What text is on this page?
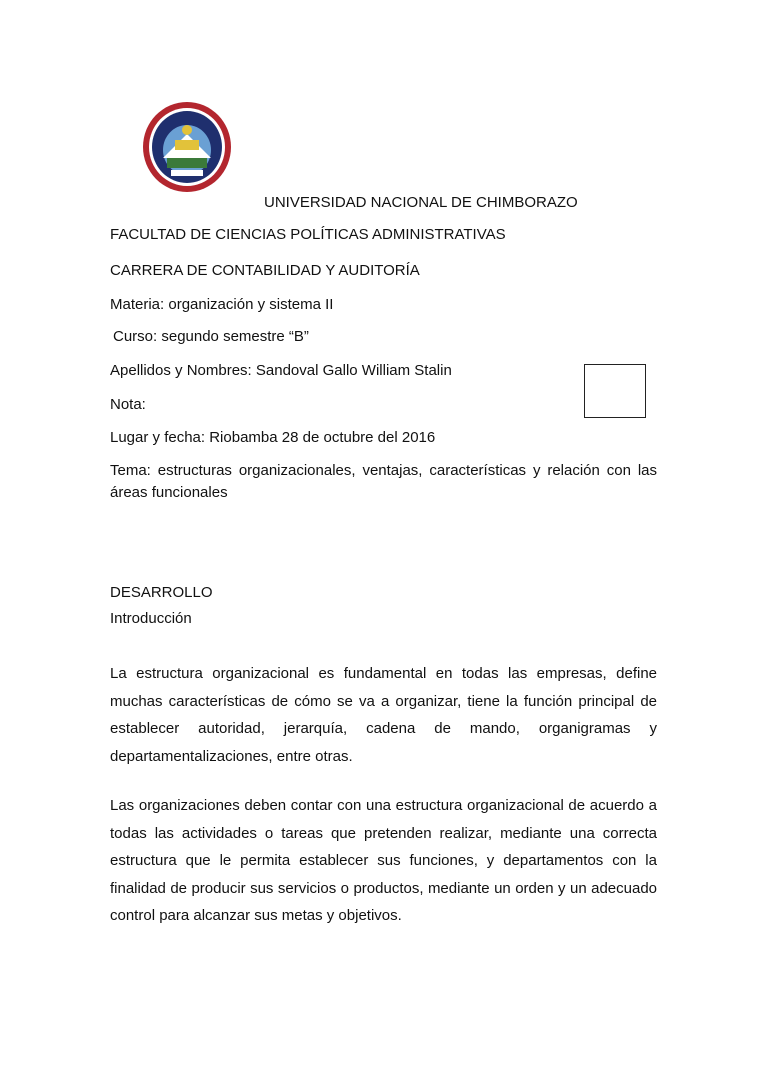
UNIVERSIDAD NACIONAL DE CHIMBORAZO
FACULTAD DE CIENCIAS POLÍTICAS ADMINISTRATIVAS
CARRERA DE CONTABILIDAD Y AUDITORÍA
Materia: organización y sistema II
Curso: segundo semestre “B”
Apellidos y Nombres: Sandoval Gallo William Stalin
Nota:
Lugar y fecha: Riobamba 28 de octubre del 2016
Tema: estructuras organizacionales, ventajas, características y relación con las áreas funcionales
DESARROLLO
Introducción
La estructura organizacional es fundamental en todas las empresas, define muchas características de cómo se va a organizar, tiene la función principal de establecer autoridad, jerarquía, cadena de mando, organigramas y departamentalizaciones, entre otras.
Las organizaciones deben contar con una estructura organizacional de acuerdo a todas las actividades o tareas que pretenden realizar, mediante una correcta estructura que le permita establecer sus funciones, y departamentos con la finalidad de producir sus servicios o productos, mediante un orden y un adecuado control para alcanzar sus metas y objetivos.
